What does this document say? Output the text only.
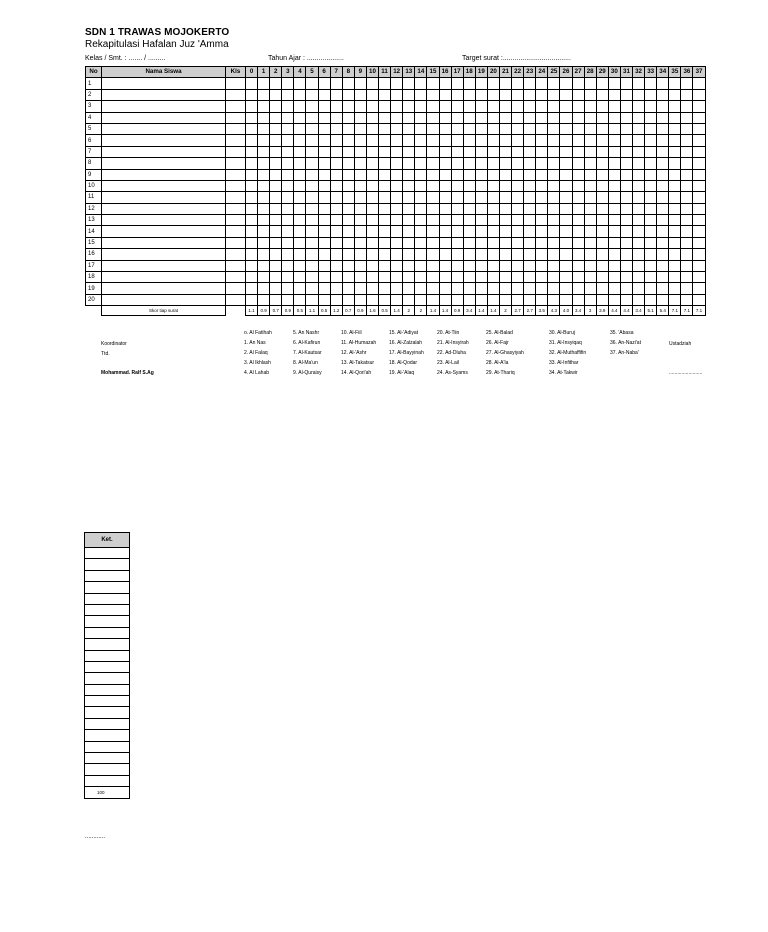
SDN 1 TRAWAS MOJOKERTO
Rekapitulasi Hafalan Juz 'Amma
Kelas / Smt. : ....... / .........	Tahun Ajar : ...................	Target surat :...................................
No	Nama Siswa	Kls	0	1	2	3	4	5	6	7	8	9	10	11	12	13	14	15	16	17	18	19	20	21	22	23	24	25	26	27	28	29	30	31	32	33	34	35	36	37
1																																								
2																																								
3																																								
4																																								
5																																								
6																																								
7																																								
8																																								
9																																								
10																																								
11																																								
12																																								
13																																								
14																																								
15																																								
16																																								
17																																								
18																																								
19																																								
20																																								
	Skor tiap surat		1.1	0.9	0.7	0.9	0.5	1.1	0.5	1.2	0.7	0.9	1.6	0.5	1.4	2	2	1.4	1.4	0.9	3.4	1.4	1.4	2	2.7	2.7	3.5	4.3	4.0	3.4	3	3.9	4.4	4.4	3.4	5.1	5.4	7.1	7.1	7.1
o. Al Fatihah
1. An Nas
2. Al Falaq
3. Al Ikhlash
4. Al Lahab
5. An Nashr
6. Al-Kafirun
7. Al-Kautsar
8. Al-Ma'un
9. Al-Quraisy
10. Al-Fiil
11. Al-Humazah
12. Al-'Ashr
13. Al-Takatsur
14. Al-Qori'ah
15. Al-'Adiyat
16. Al-Zalzalah
17. Al-Bayyinah
18. Al-Qodar
19. Al-'Alaq
20. At-Tiin
21. Al-Insyirah
22. Ad-Dluha
23. Al-Lail
24. As-Syams
25. Al-Balad
26. Al-Fajr
27. Al-Ghasyiyah
28. Al-A'la
29. At-Thariq
30. Al-Buruj
31. Al-Insyiqaq
32. Al-Muthaffifin
33. Al-Infithar
34. At-Takwir
35. 'Abasa
36. An-Nazi'at
37. An-Naba'
Koordinator
Ttd.
Mohammad. Ralf S.Ag
Ustadziah
........................
Ket.

100
............
